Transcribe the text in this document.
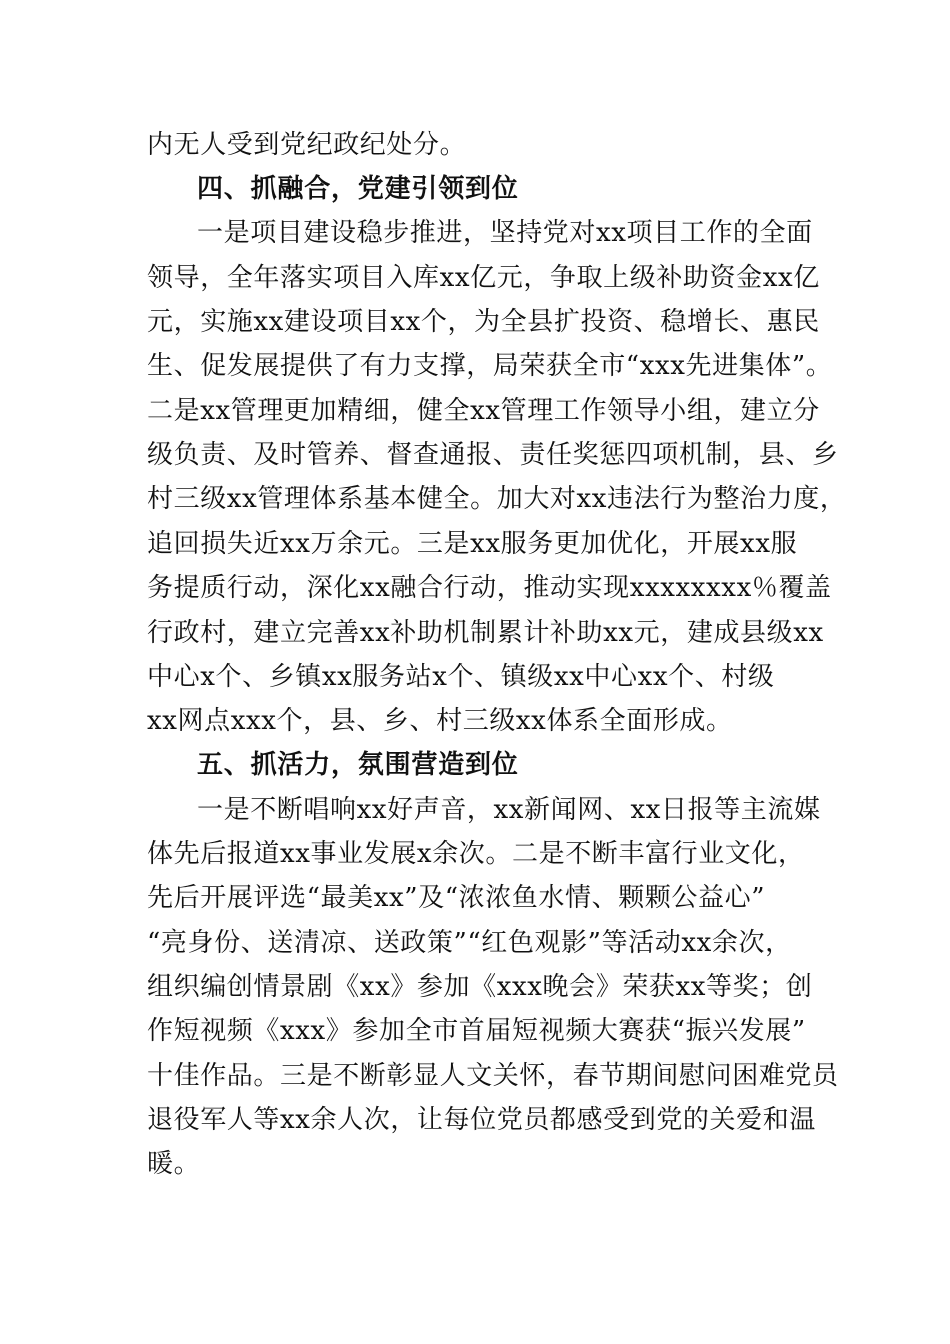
内无人受到党纪政纪处分。
四、抓融合，党建引领到位
一是项目建设稳步推进，坚持党对xx项目工作的全面
领导，全年落实项目入库xx亿元，争取上级补助资金xx亿
元，实施xx建设项目xx个，为全县扩投资、稳增长、惠民
生、促发展提供了有力支撑，局荣获全市“xxx先进集体”。
二是xx管理更加精细，健全xx管理工作领导小组，建立分
级负责、及时管养、督查通报、责任奖惩四项机制，县、乡
村三级xx管理体系基本健全。加大对xx违法行为整治力度，
追回损失近xx万余元。三是xx服务更加优化，开展xx服
务提质行动，深化xx融合行动，推动实现xxxxxxxx％覆盖
行政村，建立完善xx补助机制累计补助xx元，建成县级xx
中心x个、乡镇xx服务站x个、镇级xx中心xx个、村级
xx网点xxx个，县、乡、村三级xx体系全面形成。
五、抓活力，氛围营造到位
一是不断唱响xx好声音，xx新闻网、xx日报等主流媒
体先后报道xx事业发展x余次。二是不断丰富行业文化，
先后开展评选“最美xx”及“浓浓鱼水情、颗颗公益心”
“亮身份、送清凉、送政策”“红色观影”等活动xx余次，
组织编创情景剧《xx》参加《xxx晚会》荣获xx等奖；创
作短视频《xxx》参加全市首届短视频大赛获“振兴发展”
十佳作品。三是不断彰显人文关怀，春节期间慰问困难党员
退役军人等xx余人次，让每位党员都感受到党的关爱和温
暖。
